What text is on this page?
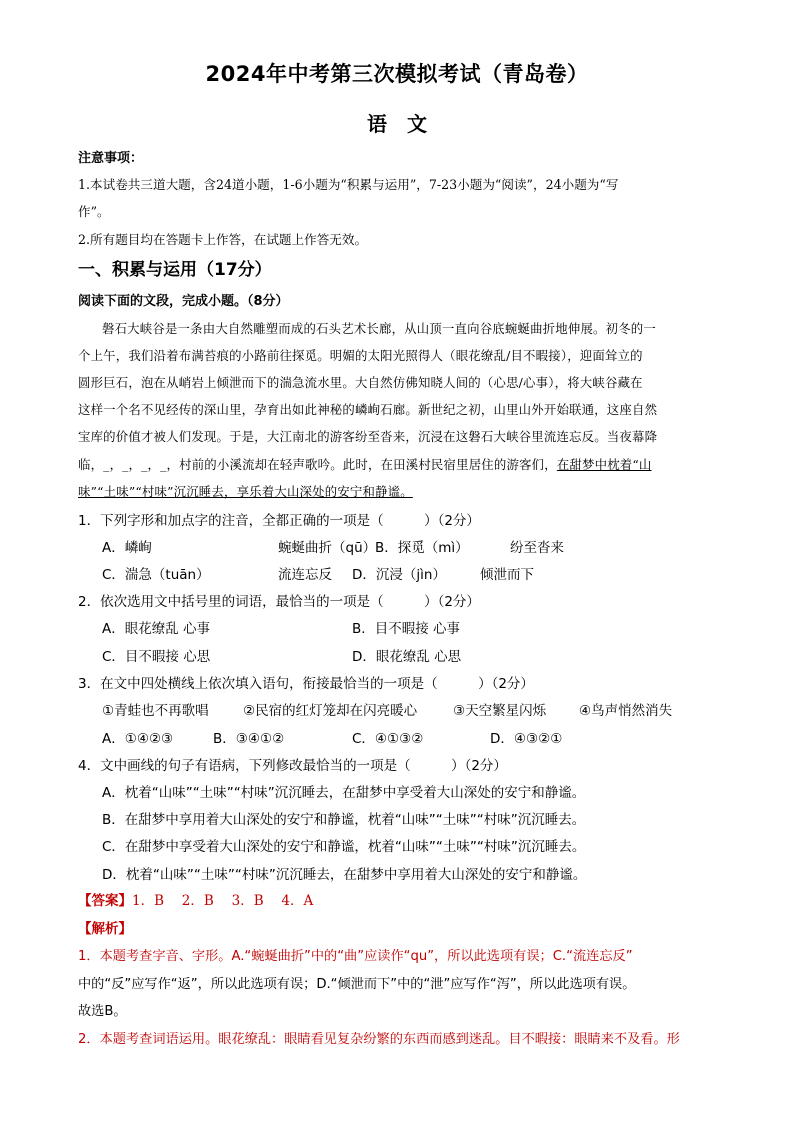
2024年中考第三次模拟考试（青岛卷）
语　文
注意事项：
1.本试卷共三道大题，含24道小题，1-6小题为“积累与运用”，7-23小题为“阅读”，24小题为“写
作”。
2.所有题目均在答题卡上作答，在试题上作答无效。
一、积累与运用（17分）
阅读下面的文段，完成小题。（8分）
磐石大峡谷是一条由大自然雕塑而成的石头艺术长廊，从山顶一直向谷底蜿蜒曲折地伸展。初冬的一
个上午，我们沿着布满苔痕的小路前往探觅。明媚的太阳光照得人（眼花缭乱/目不暇接），迎面耸立的
圆形巨石，泡在从峭岩上倾泄而下的湍急流水里。大自然仿佛知晓人间的（心思/心事），将大峡谷藏在
这样一个名不见经传的深山里，孕育出如此神秘的嶙峋石廊。新世纪之初，山里山外开始联通，这座自然
宝库的价值才被人们发现。于是，大江南北的游客纷至沓来，沉浸在这磐石大峡谷里流连忘反。当夜幕降
临，_，_，_，_，村前的小溪流却在轻声歌吟。此时，在田溪村民宿里居住的游客们，在甜梦中枕着“山
味”“土味”“村味”沉沉睡去，享乐着大山深处的安宁和静谧。
1．下列字形和加点字的注音，全都正确的一项是（　　　）（2分）
A．嶙峋	蜿蜒曲折（qū）
B．探觅（mì）	纷至沓来
C．湍急（tuān）	流连忘反 D．沉浸（jìn）	倾泄而下
2．依次选用文中括号里的词语，最恰当的一项是（　　　）（2分）
A．眼花缭乱 心事	B．目不暇接 心事
C．目不暇接 心思	D．眼花缭乱 心思
3．在文中四处横线上依次填入语句，衔接最恰当的一项是（　　　）（2分）
①青蛙也不再歌唱	②民宿的红灯笼却在闪亮暖心	③天空繁星闪烁 ④鸟声悄然消失
A．①④②③	B．③④①②	C．④①③②	D．④③②①
4．文中画线的句子有语病，下列修改最恰当的一项是（　　　）（2分）
A．枕着“山味”“土味”“村味”沉沉睡去，在甜梦中享受着大山深处的安宁和静谧。
B．在甜梦中享用着大山深处的安宁和静谧，枕着“山味”“土味”“村味”沉沉睡去。
C．在甜梦中享受着大山深处的安宁和静谧，枕着“山味”“土味”“村味”沉沉睡去。
D．枕着“山味”“土味”“村味”沉沉睡去，在甜梦中享用着大山深处的安宁和静谧。
【答案】1．B　 2．B　 3．B　 4．A
【解析】
1．本题考查字音、字形。A.“蜿蜒曲折”中的“曲”应读作“qu”，所以此选项有误；C.“流连忘反”
中的“反”应写作“返”，所以此选项有误；D.“倾泄而下”中的“泄”应写作“泻”，所以此选项有误。
故选B。
2．本题考查词语运用。眼花缭乱：眼睛看见复杂纷繁的东西而感到迷乱。目不暇接：眼睛来不及看。形
